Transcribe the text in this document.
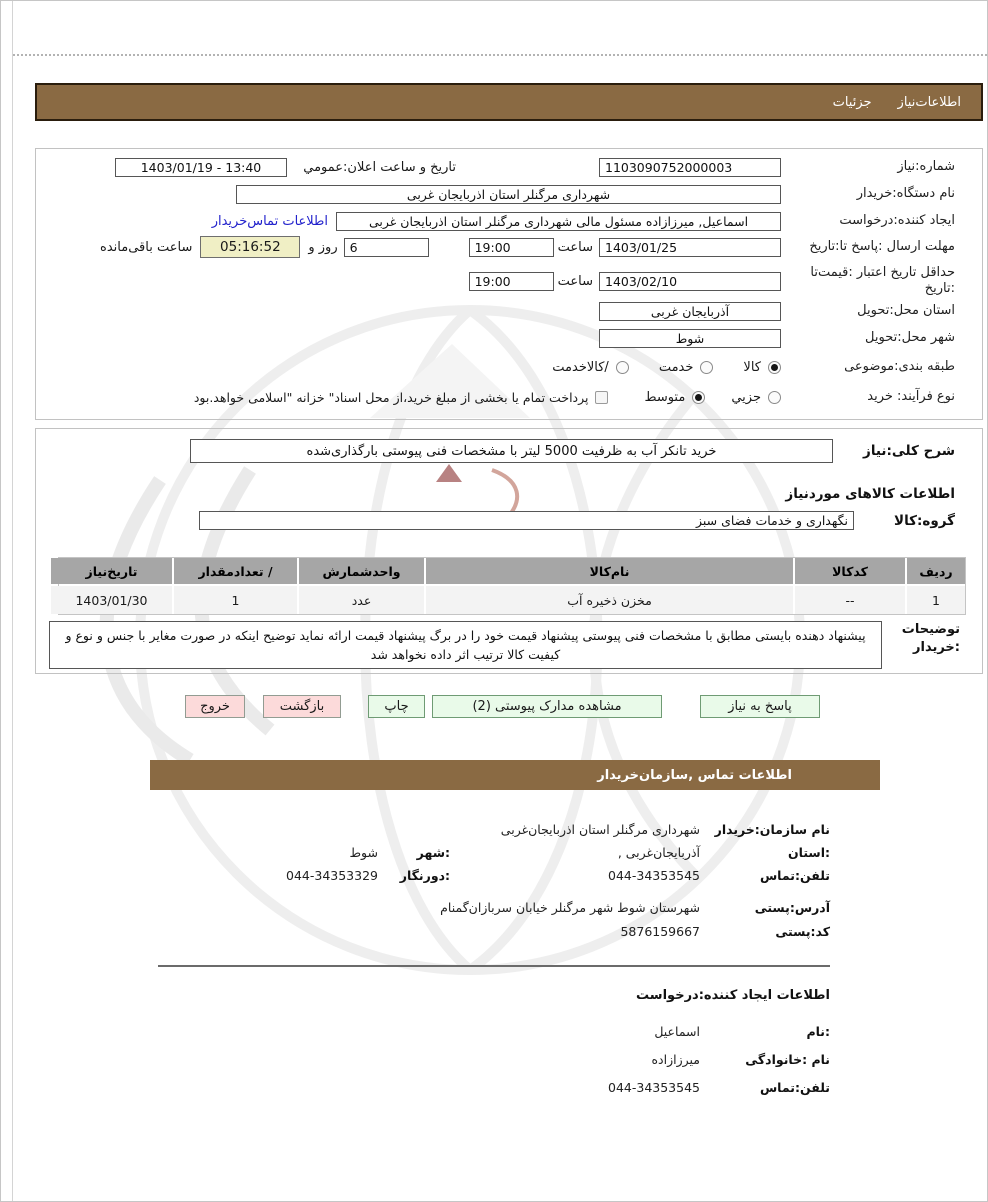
اطلاعات‌نیاز
جزئیات
شماره:نیاز
1103090752000003
تاریخ و ساعت اعلان:عمومي
1403/01/19 - 13:40
نام دستگاه:خریدار
شهرداری مرگنلر استان اذربایجان غربی
ایجاد کننده:درخواست
اسماعیل, میرزازاده مسئول مالی شهرداری مرگنلر استان اذربایجان غربی
اطلاعات تماس‌خریدار
مهلت ارسال :پاسخ تا:تاریخ
1403/01/25
ساعت
19:00
6
روز و
05:16:52
ساعت باقی‌مانده
حداقل تاریخ اعتبار :قیمت‌تا :تاریخ
1403/02/10
ساعت
19:00
استان محل:تحویل
آذربایجان غربی
شهر محل:تحویل
شوط
طبقه بندی:موضوعی
کالا
خدمت
/کالاخدمت
نوع فرآیند: خرید
جزیي
متوسط
پرداخت تمام یا بخشی از مبلغ خرید،از محل اسناد" خزانه "اسلامی خواهد.بود
شرح کلی:نیاز
خرید تانکر آب به ظرفیت 5000 لیتر با مشخصات فنی پیوستی بارگذاری‌شده
اطلاعات کالاهای موردنیاز
گروه:کالا
نگهداری و خدمات فضای سبز
ردیف
کدکالا
نام‌کالا
واحدشمارش
/ تعدادمقدار
تاریخ‌نیاز
1
--
مخزن ذخیره آب
عدد
1
1403/01/30
توضیحات :خریدار
پیشنهاد دهنده بایستی مطابق با مشخصات فنی پیوستی پیشنهاد قیمت خود را در برگ پیشنهاد قیمت ارائه نماید توضیح اینکه در صورت مغایر با جنس و نوع و کیفیت کالا ترتیب اثر داده نخواهد شد
پاسخ به نیاز
مشاهده مدارک پیوستی (2)
چاپ
بازگشت
خروج
اطلاعات تماس ,سازمان‌خریدار
نام سازمان:خریدار
شهرداری مرگنلر استان اذربایجان‌غربی
:استان
آذربایجان‌غربی ,
:شهر
شوط
تلفن:تماس
044-34353545
:دورنگار
044-34353329
آدرس:پستی
شهرستان شوط شهر مرگنلر خیابان سربازان‌گمنام
کد:پستی
5876159667
اطلاعات ایجاد کننده:درخواست
:نام
اسماعیل
نام :خانوادگی
میرزازاده
تلفن:تماس
044-34353545
